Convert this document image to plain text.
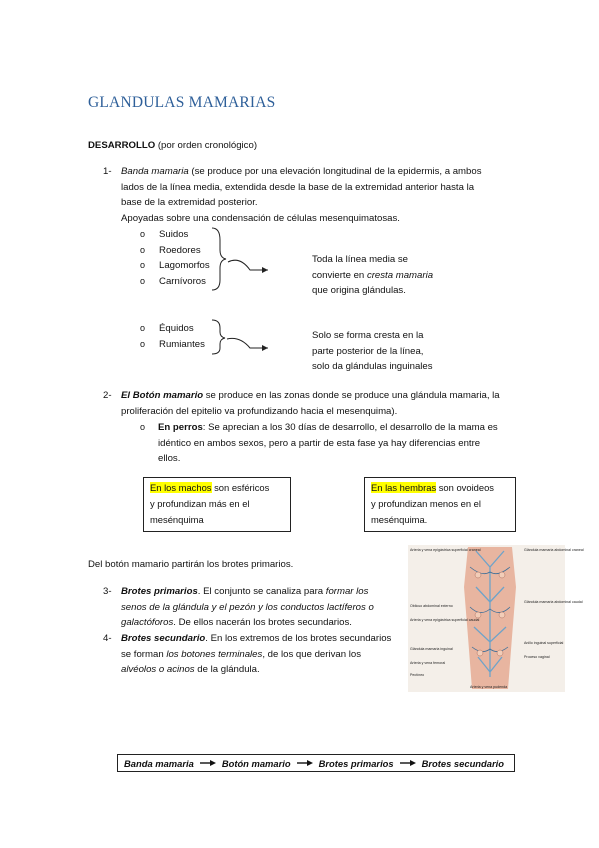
GLANDULAS MAMARIAS
DESARROLLO (por orden cronológico)
1- Banda mamaria (se produce por una elevación longitudinal de la epidermis, a ambos
lados de la línea media, extendida desde la base de la extremidad anterior hasta la
base de la extremidad posterior.
Apoyadas sobre una condensación de células mesenquimatosas.
o Suidos
o Roedores
o Lagomorfos
o Carnívoros
Toda la línea media se
convierte en cresta mamaria
que origina glándulas.
o Équidos
o Rumiantes
Solo se forma cresta en la
parte posterior de la línea,
solo da glándulas inguinales
2- El Botón mamario se produce en las zonas donde se produce una glándula mamaria, la
proliferación del epitelio va profundizando hacia el mesenquima).
o En perros: Se aprecian a los 30 días de desarrollo, el desarrollo de la mama es
idéntico en ambos sexos, pero a partir de esta fase ya hay diferencias entre
ellos.
En los machos son esféricos
y profundizan más en el
mesénquima
En las hembras son ovoideos
y profundizan menos en el
mesénquima.
Del botón mamario partirán los brotes primarios.
3- Brotes primarios. El conjunto se canaliza para formar los
senos de la glándula y el pezón y los conductos lactíferos o
galactóforos. De ellos nacerán los brotes secundarios.
4- Brotes secundario. En los extremos de los brotes secundarios
se forman los botones terminales, de los que derivan los
alvéolos o acinos de la glándula.
Arteria y vena epigástrica superficial craneal
Oblicuo abdominal externo
Arteria y vena epigástrica superficial caudal
Glándula mamaria inguinal
Arteria y vena femoral
Pectíneo
Glándula mamaria abdominal craneal
Glándula mamaria abdominal caudal
Anillo inguinal superficial
Proceso vaginal
Arteria y vena pudenda
Banda mamaria	Botón mamario	Brotes primarios	Brotes secundario
